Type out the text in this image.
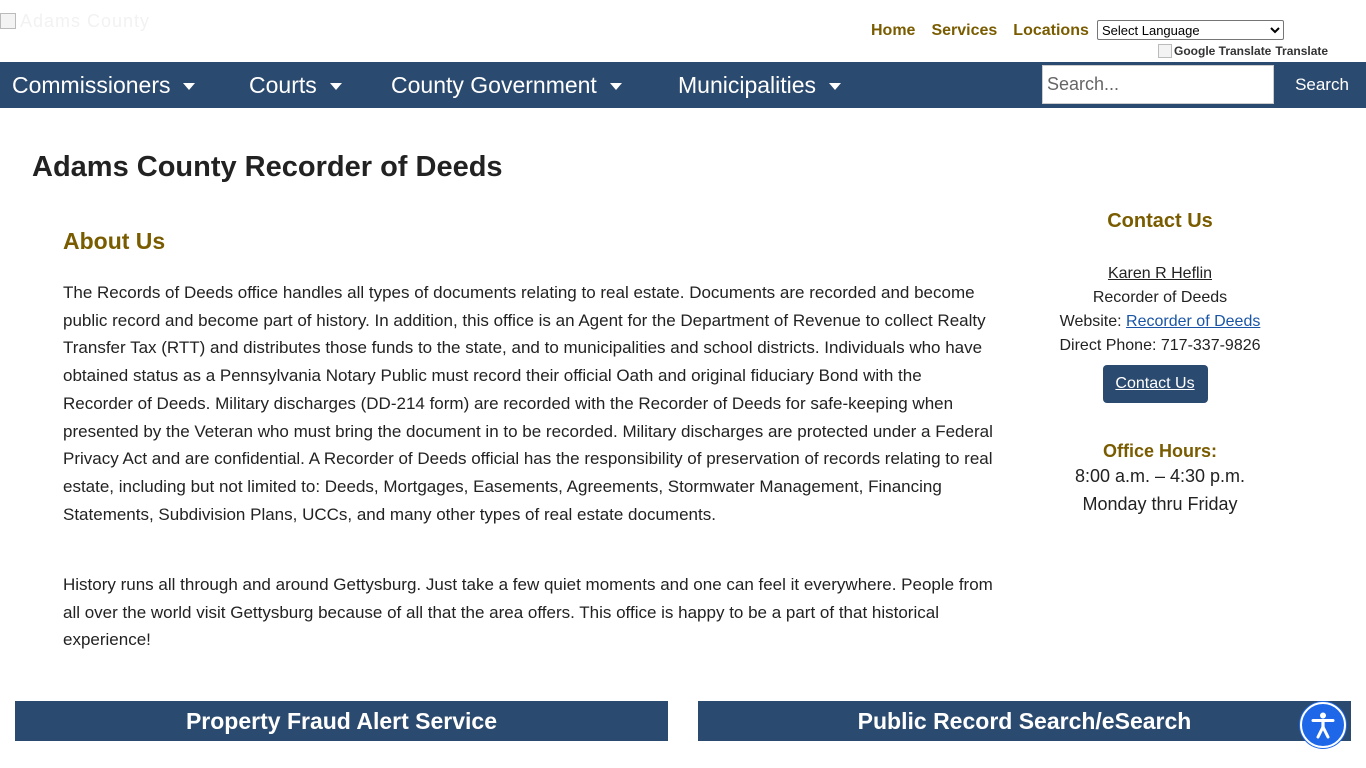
Adams County	Home Services Locations
Select Language
Google Translate Translate
Commissioners	Courts	County Government	Municipalities
Search...	Search
Adams County Recorder of Deeds
About Us

The Records of Deeds office handles all types of documents relating to real estate. Documents are recorded and become public record and become part of history. In addition, this office is an Agent for the Department of Revenue to collect Realty Transfer Tax (RTT) and distributes those funds to the state, and to municipalities and school districts. Individuals who have obtained status as a Pennsylvania Notary Public must record their official Oath and original fiduciary Bond with the Recorder of Deeds. Military discharges (DD-214 form) are recorded with the Recorder of Deeds for safe-keeping when presented by the Veteran who must bring the document in to be recorded. Military discharges are protected under a Federal Privacy Act and are confidential. A Recorder of Deeds official has the responsibility of preservation of records relating to real estate, including but not limited to: Deeds, Mortgages, Easements, Agreements, Stormwater Management, Financing Statements, Subdivision Plans, UCCs, and many other types of real estate documents.

History runs all through and around Gettysburg. Just take a few quiet moments and one can feel it everywhere. People from all over the world visit Gettysburg because of all that the area offers. This office is happy to be a part of that historical experience!

Contact Us
Karen R Heflin
Recorder of Deeds
Website: Recorder of Deeds
Direct Phone: 717-337-9826
Contact Us
Office Hours:
8:00 a.m. – 4:30 p.m.
Monday thru Friday
Property Fraud Alert Service	Public Record Search/eSearch
